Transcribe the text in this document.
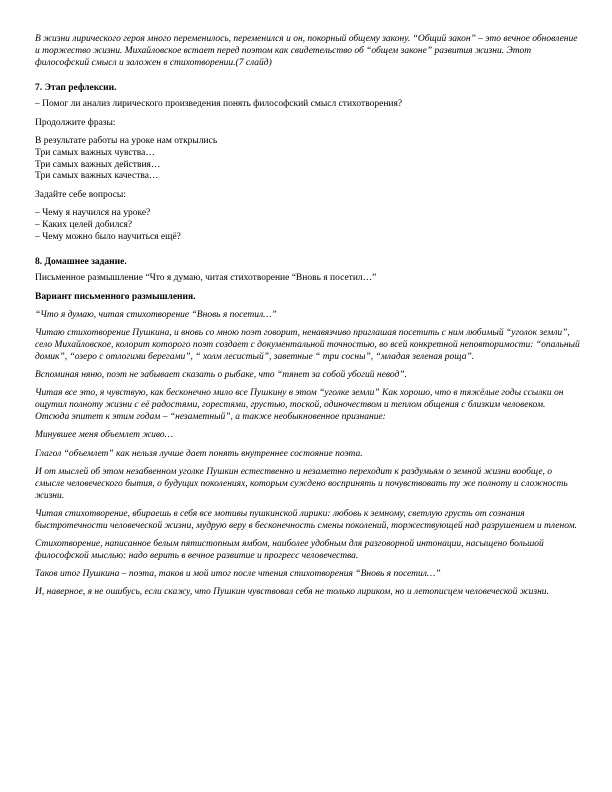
В жизни лирического героя много переменилось, переменился и он, покорный общему закону. “Общий закон” – это вечное обновление и торжество жизни. Михайловское встает перед поэтом как свидетельство об “общем законе” развития жизни. Этот философский смысл и заложен в стихотворении.(7 слайд)

7. Этап рефлексии.

– Помог ли анализ лирического произведения понять философский смысл стихотворения?

Продолжите фразы:

В результате работы на уроке нам открылись
Три самых важных чувства…
Три самых важных действия…
Три самых важных качества…

Задайте себе вопросы:

– Чему я научился на уроке?
– Каких целей добился?
– Чему можно было научиться ещё?
8. Домашнее задание.

Письменное размышление “Что я думаю, читая стихотворение “Вновь я посетил…”

Вариант письменного размышления.

“Что я думаю, читая стихотворение “Вновь я посетил…”

Читаю стихотворение Пушкина, и вновь со мною поэт говорит, ненавязчиво приглашая посетить с ним любимый “уголок земли”, село Михайловское, колорит которого поэт создает с документальной точностью, во всей конкретной неповторимости: “опальный домик”, “озеро с отлогими берегами”, “ холм лесистый”, заветные “ три сосны”, “младая зеленая роща”.

Вспоминая няню, поэт не забывает сказать о рыбаке, что “тянет за собой убогий невод”.

Читая все это, я чувствую, как бесконечно мило все Пушкину в этом “уголке земли” Как хорошо, что в тяжёлые годы ссылки он ощутил полноту жизни с её радостями, горестями, грустью, тоской, одиночеством и теплом общения с близким человеком. Отсюда эпитет к этим годам – “незаметный”, а также необыкновенное признание:

Минувшее меня объемлет живо…

Глагол “объемлет” как нельзя лучше дает понять внутреннее состояние поэта.

И от мыслей об этом незабвенном уголке Пушкин естественно и незаметно переходит к раздумьям о земной жизни вообще, о смысле человеческого бытия, о будущих поколениях, которым суждено воспринять и почувствовать ту же полноту и сложность жизни.

Читая стихотворение, вбираешь в себя все мотивы пушкинской лирики: любовь к земному, светлую грусть от сознания быстротечности человеческой жизни, мудрую веру в бесконечность смены поколений, торжествующей над разрушением и тленом.

Стихотворение, написанное белым пятистопным ямбом, наиболее удобным для разговорной интонации, насыщено большой философской мыслью: надо верить в вечное развитие и прогресс человечества.

Таков итог Пушкина – поэта, таков и мой итог после чтения стихотворения “Вновь я посетил…”

И, наверное, я не ошибусь, если скажу, что Пушкин чувствовал себя не только лириком, но и летописцем человеческой жизни.
